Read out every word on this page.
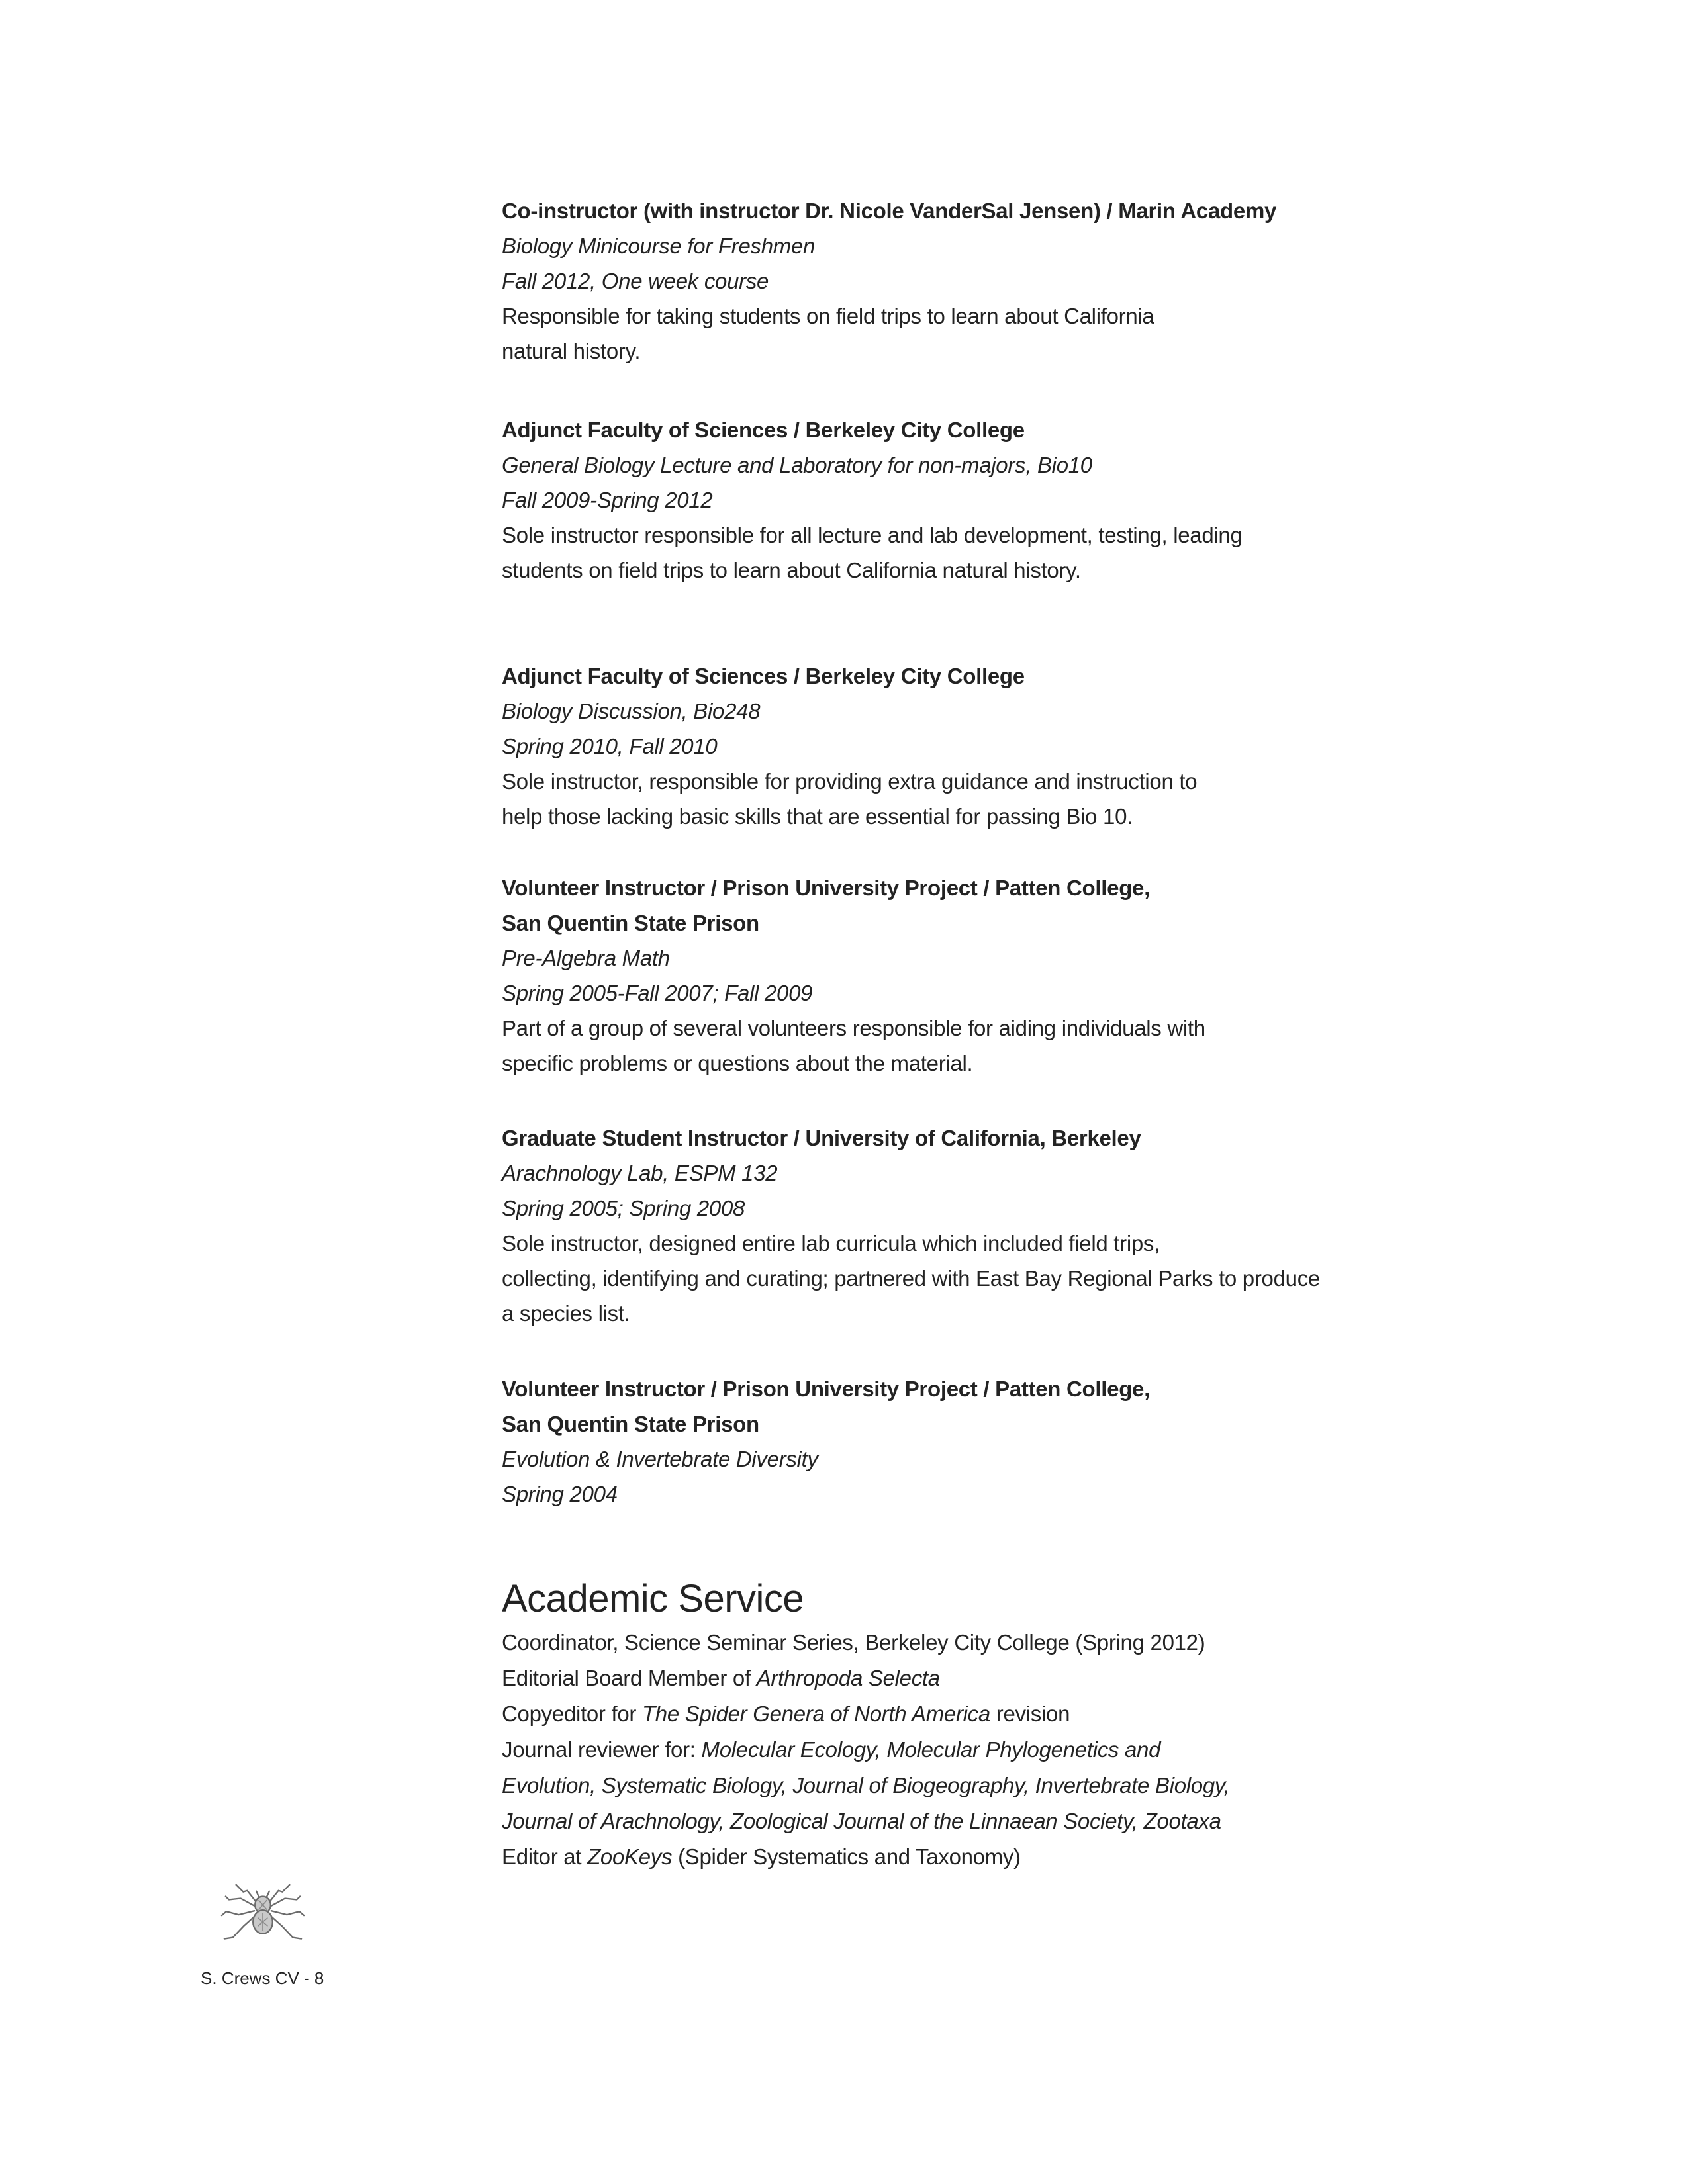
Co-instructor (with instructor Dr. Nicole VanderSal Jensen) / Marin Academy
Biology Minicourse for Freshmen
Fall 2012, One week course
Responsible for taking students on field trips to learn about California
natural history.
Adjunct Faculty of Sciences / Berkeley City College
General Biology Lecture and Laboratory for non-majors, Bio10
Fall 2009-Spring 2012
Sole instructor responsible for all lecture and lab development, testing, leading
students on field trips to learn about California natural history.
Adjunct Faculty of Sciences / Berkeley City College
Biology Discussion, Bio248
Spring 2010, Fall 2010
Sole instructor, responsible for providing extra guidance and instruction to
help those lacking basic skills that are essential for passing Bio 10.
Volunteer Instructor / Prison University Project / Patten College,
San Quentin State Prison
Pre-Algebra Math
Spring 2005-Fall 2007; Fall 2009
Part of a group of several volunteers responsible for aiding individuals with
specific problems or questions about the material.
Graduate Student Instructor / University of California, Berkeley
Arachnology Lab, ESPM 132
Spring 2005; Spring 2008
Sole instructor, designed entire lab curricula which included field trips,
collecting, identifying and curating; partnered with East Bay Regional Parks to produce
a species list.
Volunteer Instructor / Prison University Project / Patten College,
San Quentin State Prison
Evolution & Invertebrate Diversity
Spring 2004
Academic Service
Coordinator, Science Seminar Series, Berkeley City College (Spring 2012)
Editorial Board Member of Arthropoda Selecta
Copyeditor for The Spider Genera of North America revision
Journal reviewer for: Molecular Ecology, Molecular Phylogenetics and
Evolution, Systematic Biology, Journal of Biogeography, Invertebrate Biology,
Journal of Arachnology, Zoological Journal of the Linnaean Society, Zootaxa
Editor at ZooKeys (Spider Systematics and Taxonomy)
S. Crews CV - 8
